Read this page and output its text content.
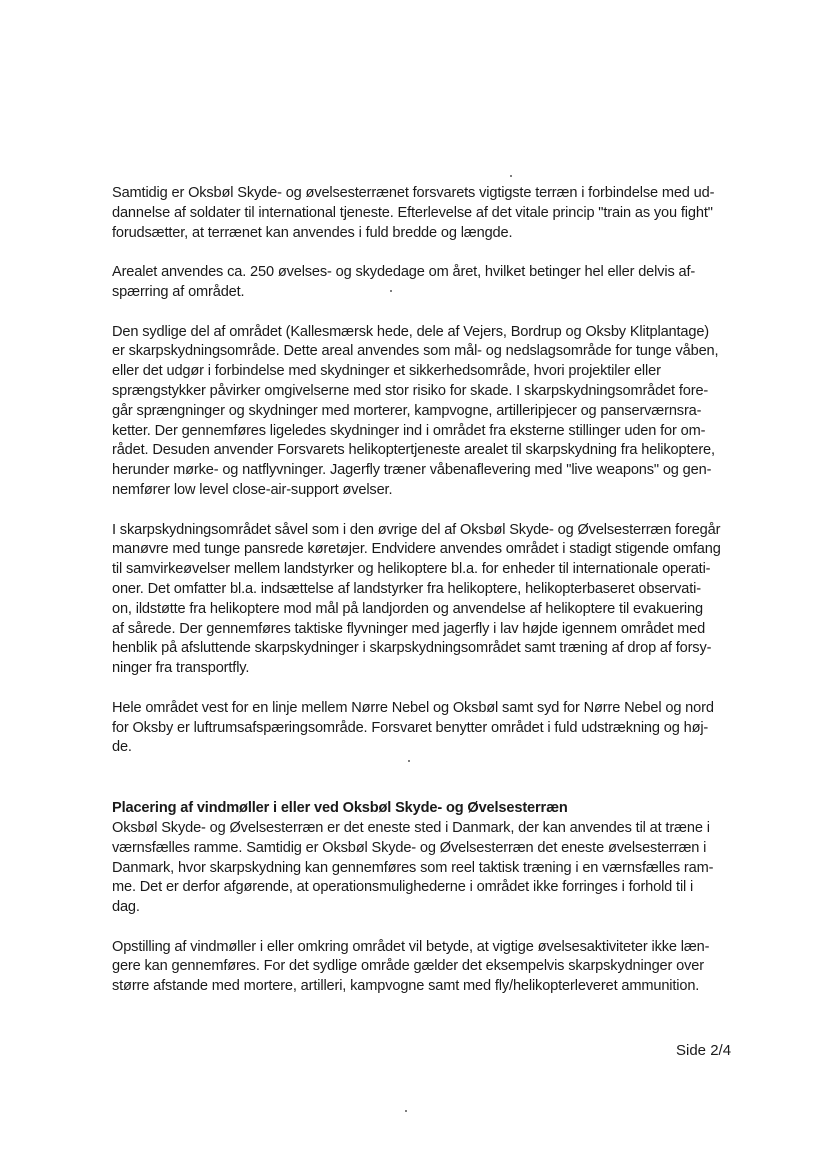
Samtidig er Oksbøl Skyde- og øvelsesterrænet forsvarets vigtigste terræn i forbindelse med ud-
dannelse af soldater til international tjeneste. Efterlevelse af det vitale princip "train as you fight"
forudsætter, at terrænet kan anvendes i fuld bredde og længde.
Arealet anvendes ca. 250 øvelses- og skydedage om året, hvilket betinger hel eller delvis af-
spærring af området.
Den sydlige del af området (Kallesmærsk hede, dele af Vejers, Bordrup og Oksby Klitplantage)
er skarpskydningsområde. Dette areal anvendes som mål- og nedslagsområde for tunge våben,
eller det udgør i forbindelse med skydninger et sikkerhedsområde, hvori projektiler eller
sprængstykker påvirker omgivelserne med stor risiko for skade. I skarpskydningsområdet fore-
går sprængninger og skydninger med morterer, kampvogne, artilleripjecer og panserværnsra-
ketter. Der gennemføres ligeledes skydninger ind i området fra eksterne stillinger uden for om-
rådet. Desuden anvender Forsvarets helikoptertjeneste arealet til skarpskydning fra helikoptere,
herunder mørke- og natflyvninger. Jagerfly træner våbenaflevering med "live weapons" og gen-
nemfører low level close-air-support øvelser.
I skarpskydningsområdet såvel som i den øvrige del af Oksbøl Skyde- og Øvelsesterræn foregår
manøvre med tunge pansrede køretøjer. Endvidere anvendes området i stadigt stigende omfang
til samvirkeøvelser mellem landstyrker og helikoptere bl.a. for enheder til internationale operati-
oner. Det omfatter bl.a. indsættelse af landstyrker fra helikoptere, helikopterbaseret observati-
on, ildstøtte fra helikoptere mod mål på landjorden og anvendelse af helikoptere til evakuering
af sårede. Der gennemføres taktiske flyvninger med jagerfly i lav højde igennem området med
henblik på afsluttende skarpskydninger i skarpskydningsområdet samt træning af drop af forsy-
ninger fra transportfly.
Hele området vest for en linje mellem Nørre Nebel og Oksbøl samt syd for Nørre Nebel og nord
for Oksby er luftrumsafspæringsområde. Forsvaret benytter området i fuld udstrækning og høj-
de.
Placering af vindmøller i eller ved Oksbøl Skyde- og Øvelsesterræn
Oksbøl Skyde- og Øvelsesterræn er det eneste sted i Danmark, der kan anvendes til at træne i
værnsfælles ramme. Samtidig er Oksbøl Skyde- og Øvelsesterræn det eneste øvelsesterræn i
Danmark, hvor skarpskydning kan gennemføres som reel taktisk træning i en værnsfælles ram-
me. Det er derfor afgørende, at operationsmulighederne i området ikke forringes i forhold til i
dag.
Opstilling af vindmøller i eller omkring området vil betyde, at vigtige øvelsesaktiviteter ikke læn-
gere kan gennemføres. For det sydlige område gælder det eksempelvis skarpskydninger over
større afstande med mortere, artilleri, kampvogne samt med fly/helikopterleveret ammunition.
Side 2/4
